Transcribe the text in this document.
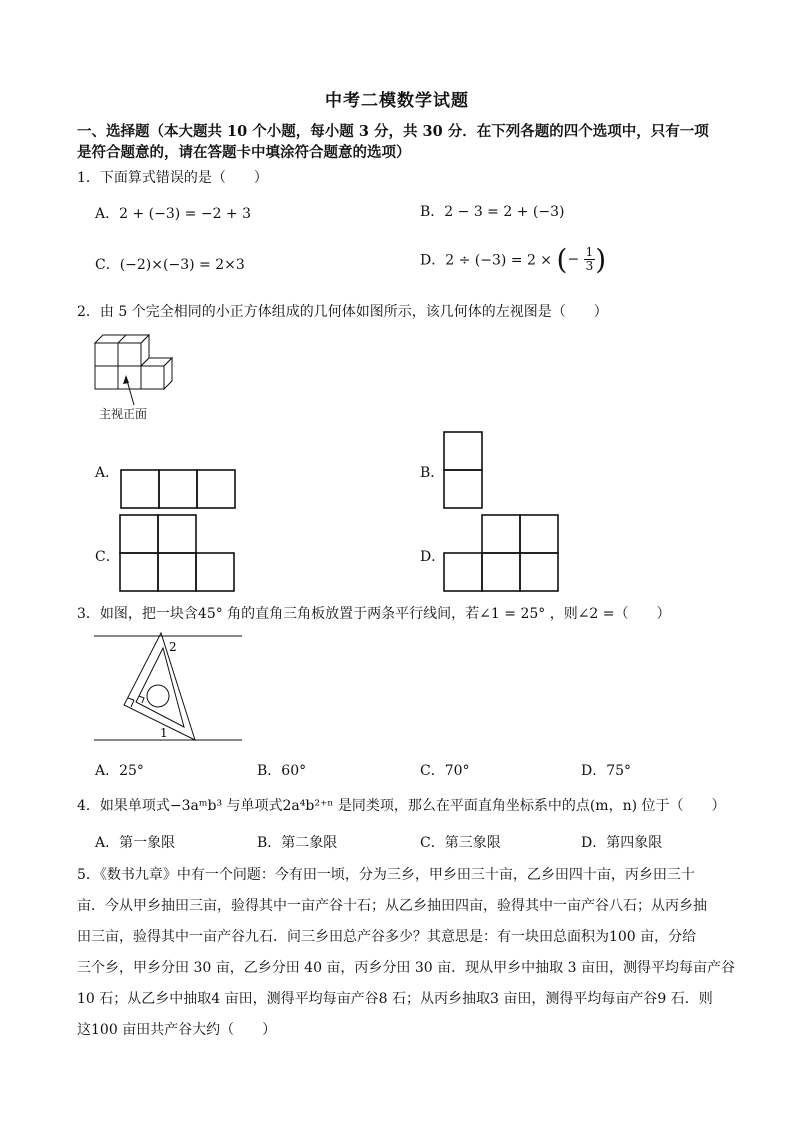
中考二模数学试题
一、选择题（本大题共 10 个小题，每小题 3 分，共 30 分．在下列各题的四个选项中，只有一项
是符合题意的，请在答题卡中填涂符合题意的选项）
1．下面算式错误的是（　　）
A．2 + (−3) = −2 + 3	B．2 − 3 = 2 + (−3)
C．(−2)×(−3) = 2×3	D．2 ÷ (−3) = 2 × (− $\frac{1}{3}$ )
2．由 5 个完全相同的小正方体组成的几何体如图所示，该几何体的左视图是（　　）
主视正面
A．	B．
C．	D．
3．如图，把一块含45° 角的直角三角板放置于两条平行线间，若∠1 = 25° ，则∠2 =（　　）
1
2
A．25°	B．60°	C．70°	D．75°
4．如果单项式−3aᵐb³ 与单项式2a⁴b²⁺ⁿ 是同类项，那么在平面直角坐标系中的点(m，n) 位于（　　）
A．第一象限	B．第二象限	C．第三象限	D．第四象限
5．《数书九章》中有一个问题：今有田一顷，分为三乡，甲乡田三十亩，乙乡田四十亩，丙乡田三十
亩．今从甲乡抽田三亩，验得其中一亩产谷十石；从乙乡抽田四亩，验得其中一亩产谷八石；从丙乡抽
田三亩，验得其中一亩产谷九石．问三乡田总产谷多少？其意思是：有一块田总面积为100 亩，分给
三个乡，甲乡分田 30 亩，乙乡分田 40 亩，丙乡分田 30 亩．现从甲乡中抽取 3 亩田，测得平均每亩产谷
10 石；从乙乡中抽取4 亩田，测得平均每亩产谷8 石；从丙乡抽取3 亩田，测得平均每亩产谷9 石．则
这100 亩田共产谷大约（　　）
